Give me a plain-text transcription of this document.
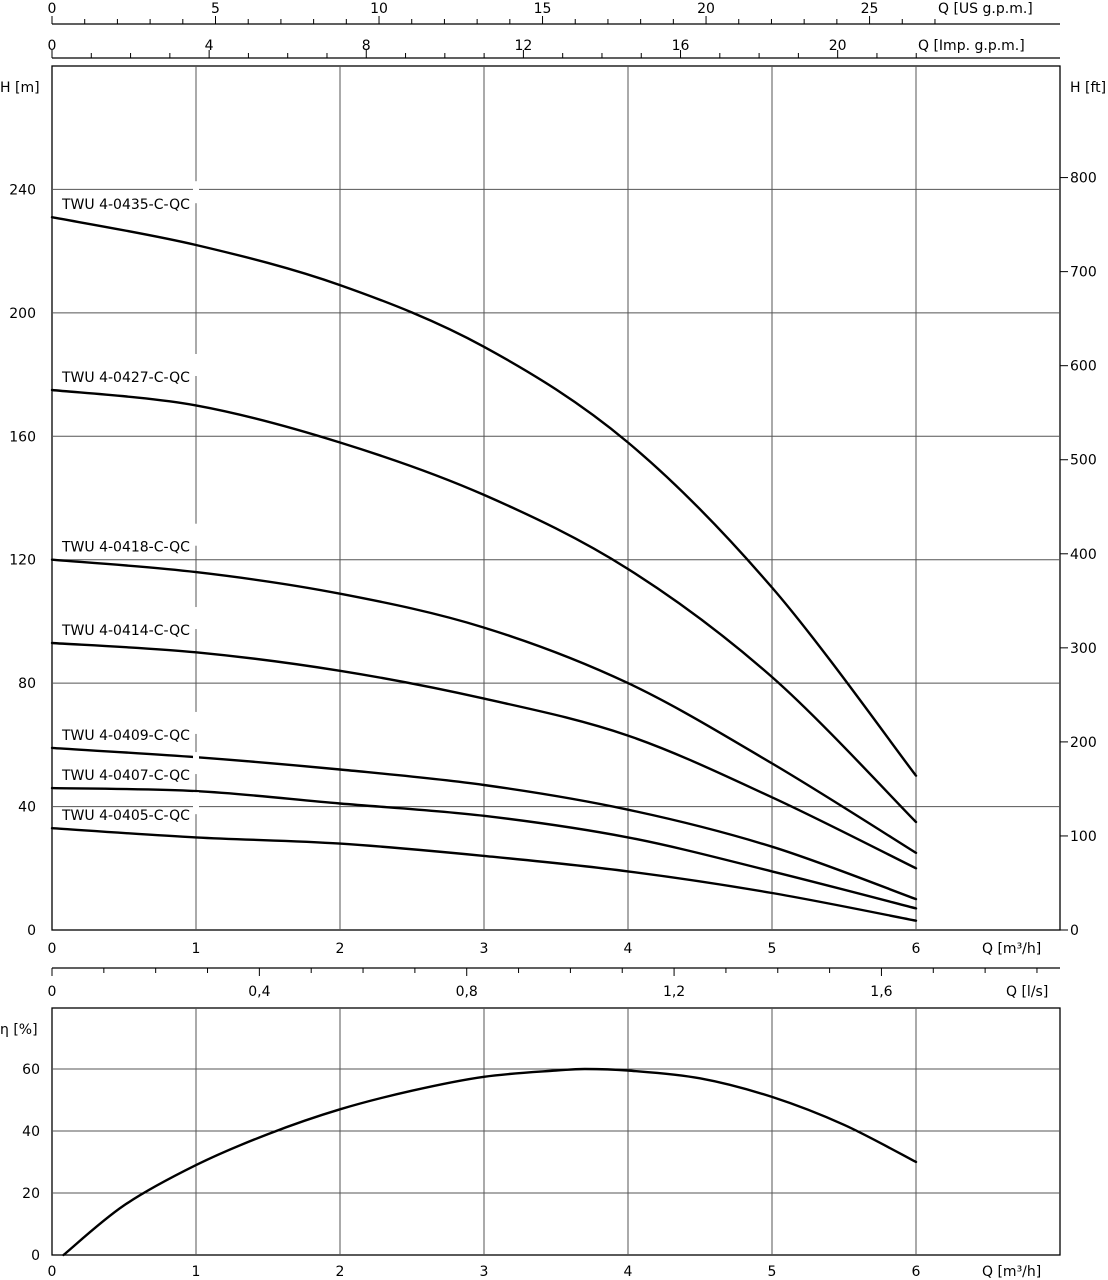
0
40
80
120
160
200
240
H [m]
0
100
200
300
400
500
600
700
800
H [ft]
0	1	2	3	4	5	6	Q [m³/h]
0	5	10	15	20	25	Q [US g.p.m.]
0	4	8	12	16	20	Q [Imp. g.p.m.]
TWU 4-0435-C-QC
TWU 4-0427-C-QC
TWU 4-0418-C-QC
TWU 4-0414-C-QC
TWU 4-0409-C-QC
TWU 4-0407-C-QC
TWU 4-0405-C-QC
0	0,4	0,8	1,2	1,6	Q [l/s]
0
20
40
60
η [%]
0	1	2	3	4	5	6	Q [m³/h]
